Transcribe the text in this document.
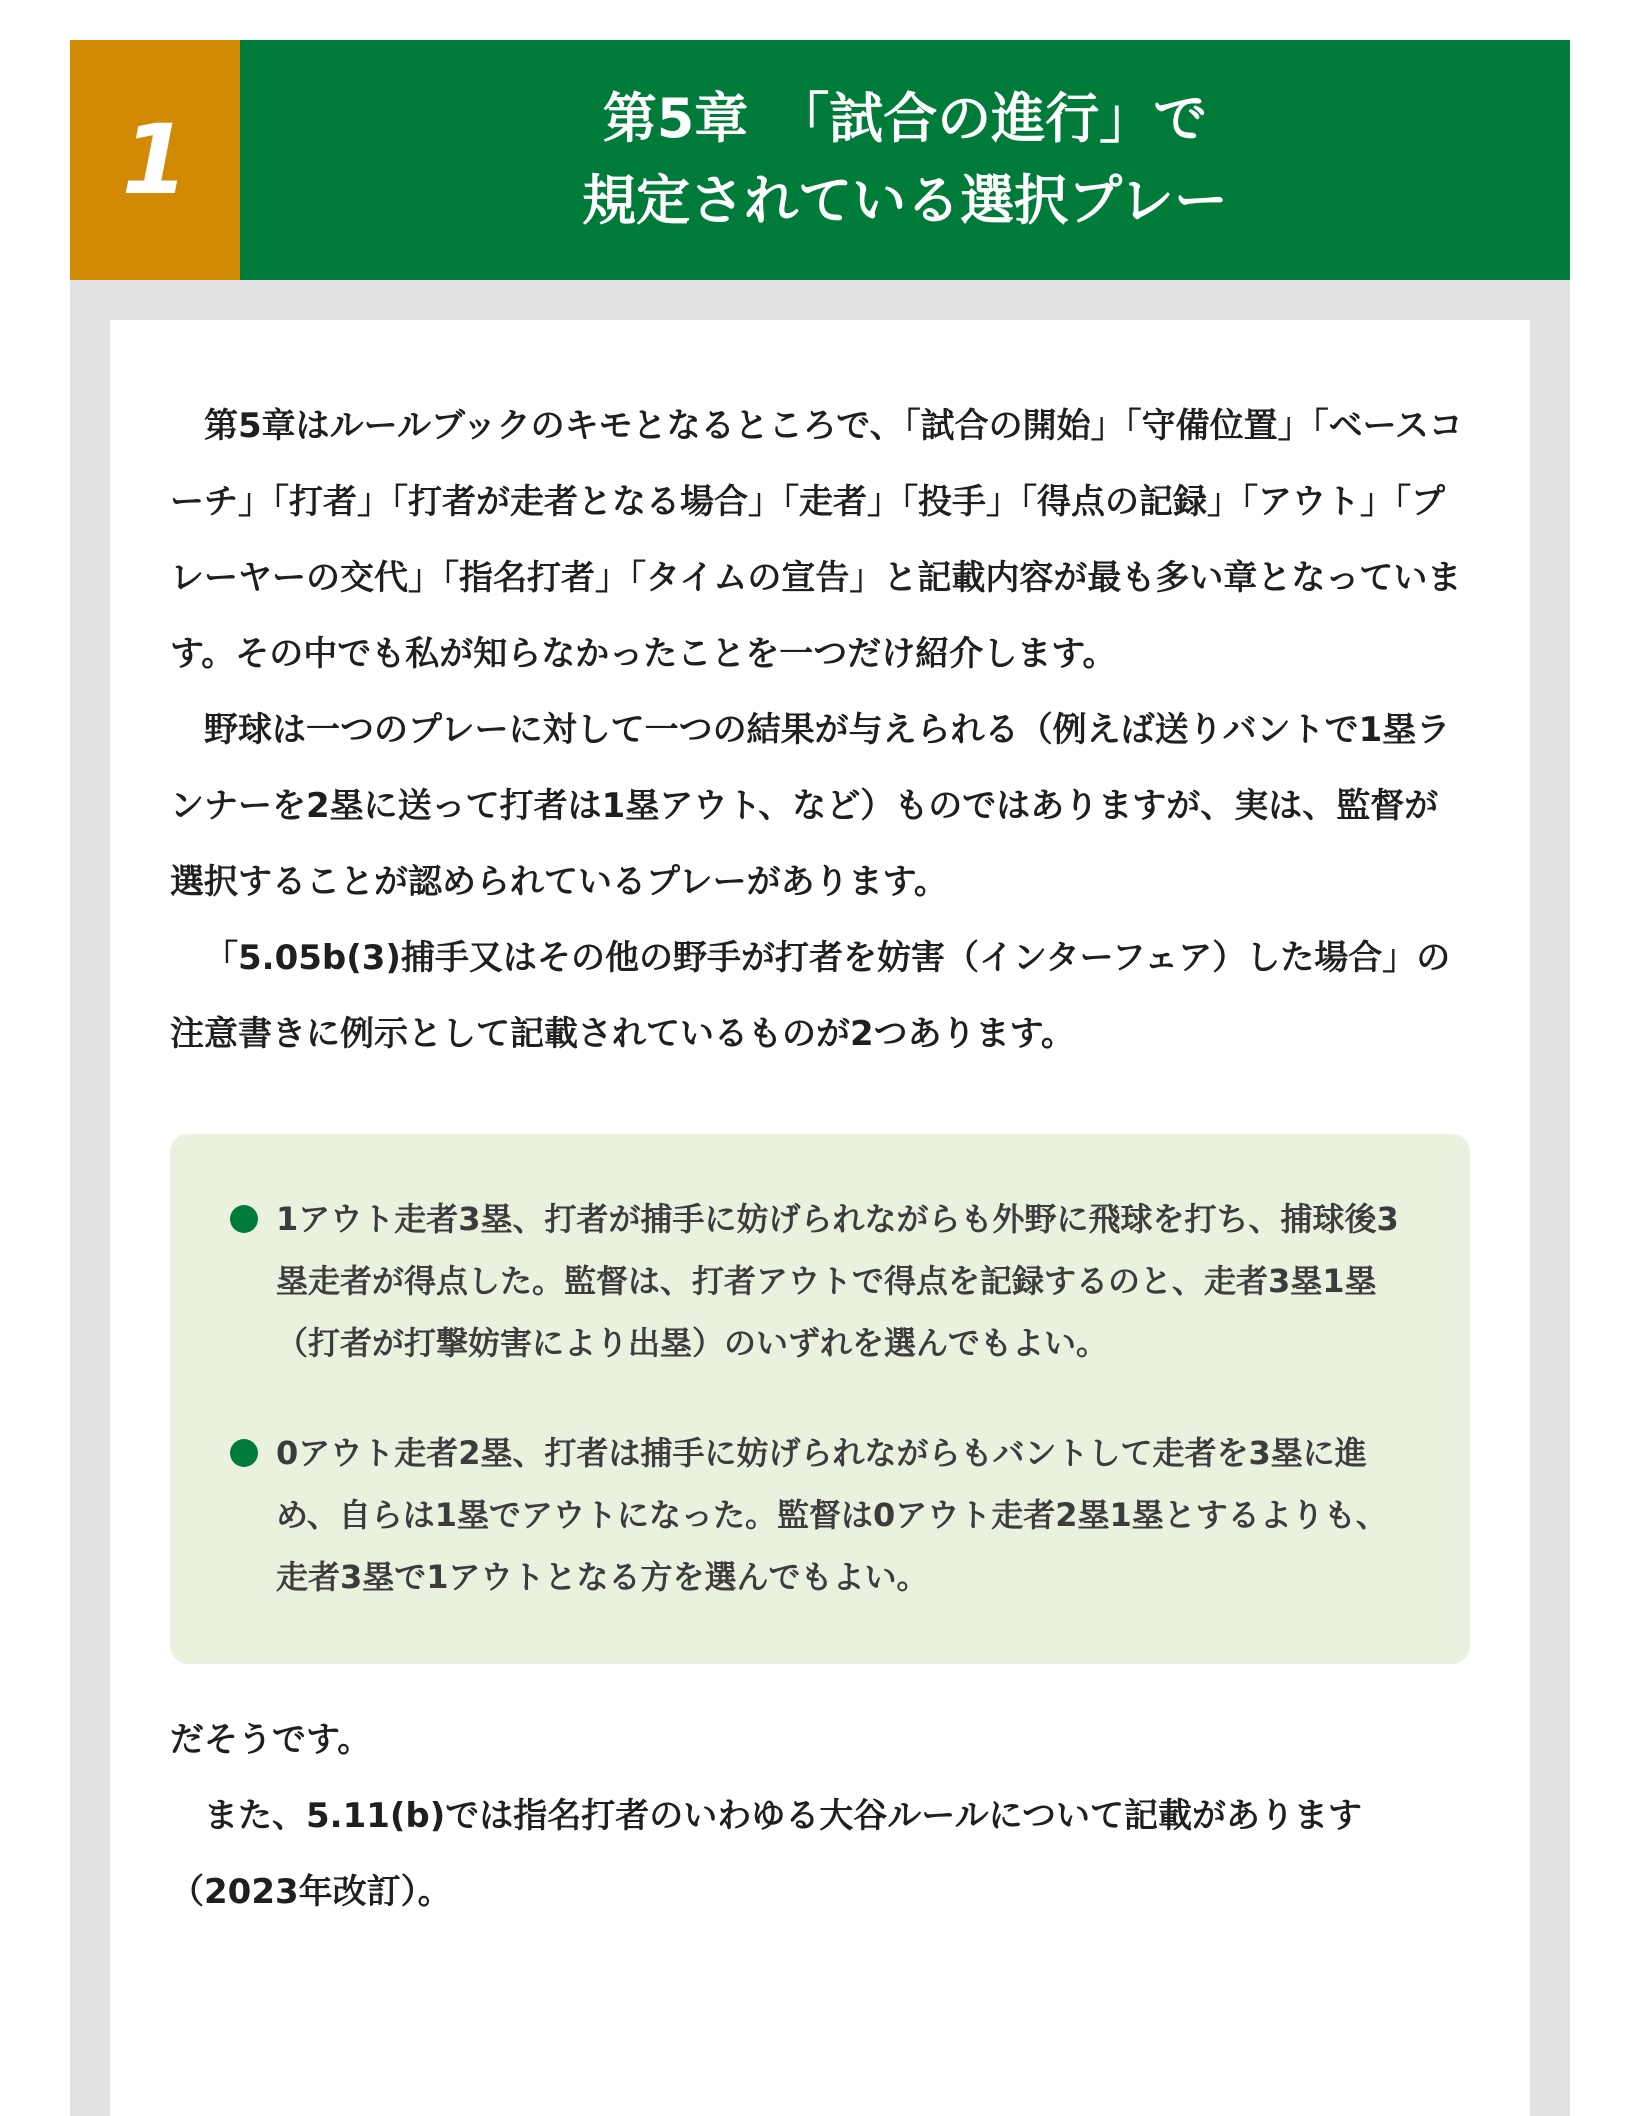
1	第5章　「試合の進行」で
規定されている選択プレー

第5章はルールブックのキモとなるところで、「試合の開始」「守備位置」「ベースコーチ」「打者」「打者が走者となる場合」「走者」「投手」「得点の記録」「アウト」「プレーヤーの交代」「指名打者」「タイムの宣告」と記載内容が最も多い章となっています。その中でも私が知らなかったことを一つだけ紹介します。

野球は一つのプレーに対して一つの結果が与えられる（例えば送りバントで1塁ランナーを2塁に送って打者は1塁アウト、など）ものではありますが、実は、監督が選択することが認められているプレーがあります。

「5.05b(3)捕手又はその他の野手が打者を妨害（インターフェア）した場合」の注意書きに例示として記載されているものが2つあります。

1アウト走者3塁、打者が捕手に妨げられながらも外野に飛球を打ち、捕球後3塁走者が得点した。監督は、打者アウトで得点を記録するのと、走者3塁1塁（打者が打撃妨害により出塁）のいずれを選んでもよい。
0アウト走者2塁、打者は捕手に妨げられながらもバントして走者を3塁に進め、自らは1塁でアウトになった。監督は0アウト走者2塁1塁とするよりも、走者3塁で1アウトとなる方を選んでもよい。

だそうです。

また、5.11(b)では指名打者のいわゆる大谷ルールについて記載があります（2023年改訂）。
